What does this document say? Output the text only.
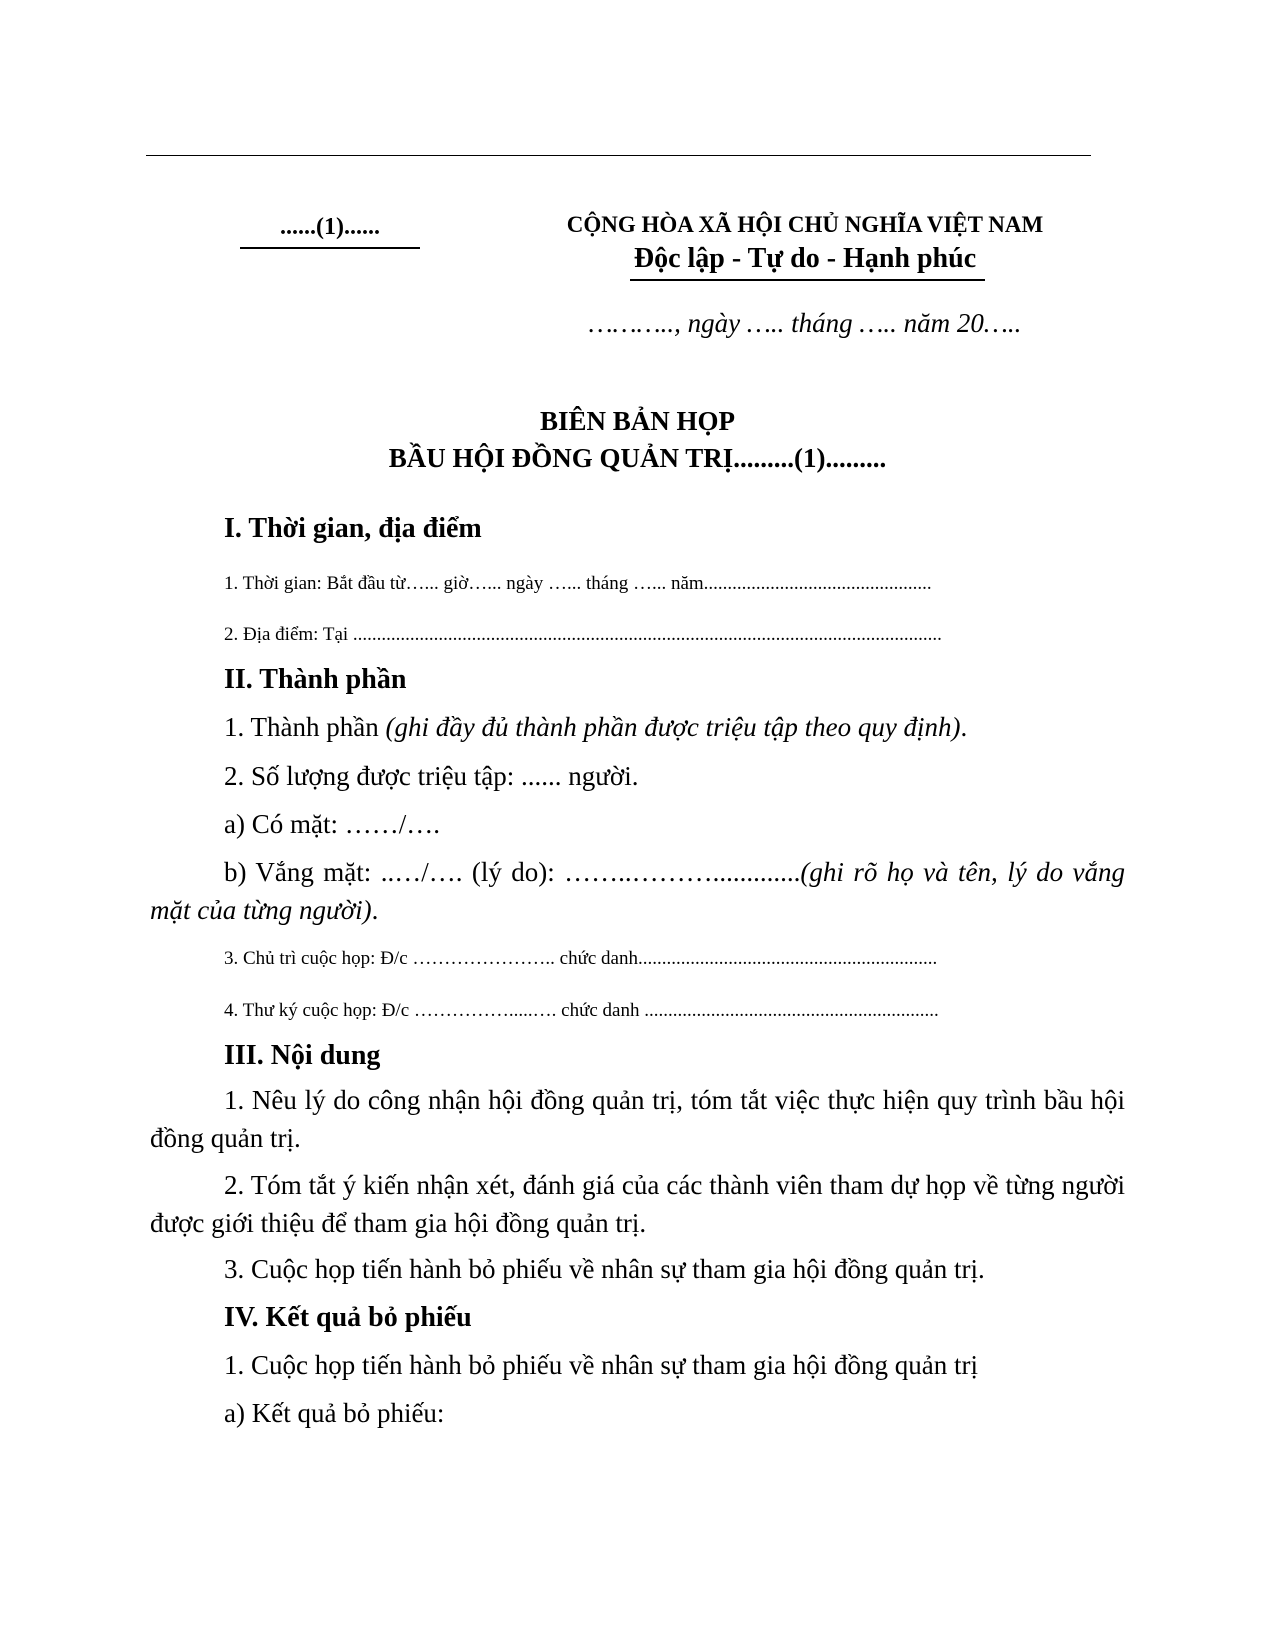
......(1)......	CỘNG HÒA XÃ HỘI CHỦ NGHĨA VIỆT NAM
Độc lập - Tự do - Hạnh phúc
……….., ngày ….. tháng ….. năm 20…..
BIÊN BẢN HỌP
BẦU HỘI ĐỒNG QUẢN TRỊ.........(1).........
I. Thời gian, địa điểm
1. Thời gian: Bắt đầu từ…... giờ…... ngày …... tháng …... năm................................................
2. Địa điểm: Tại ............................................................................................................................
II. Thành phần
1. Thành phần (ghi đầy đủ thành phần được triệu tập theo quy định).
2. Số lượng được triệu tập: ...... người.
a) Có mặt: ……/….
b) Vắng mặt: ..…/…. (lý do): ……..……….............(ghi rõ họ và tên, lý do vắng mặt của từng người).
3. Chủ trì cuộc họp: Đ/c ………………….. chức danh...............................................................
4. Thư ký cuộc họp: Đ/c …………….....…. chức danh ..............................................................
III. Nội dung
1. Nêu lý do công nhận hội đồng quản trị, tóm tắt việc thực hiện quy trình bầu hội đồng quản trị.
2. Tóm tắt ý kiến nhận xét, đánh giá của các thành viên tham dự họp về từng người được giới thiệu để tham gia hội đồng quản trị.
3. Cuộc họp tiến hành bỏ phiếu về nhân sự tham gia hội đồng quản trị.
IV. Kết quả bỏ phiếu
1. Cuộc họp tiến hành bỏ phiếu về nhân sự tham gia hội đồng quản trị
a) Kết quả bỏ phiếu:
